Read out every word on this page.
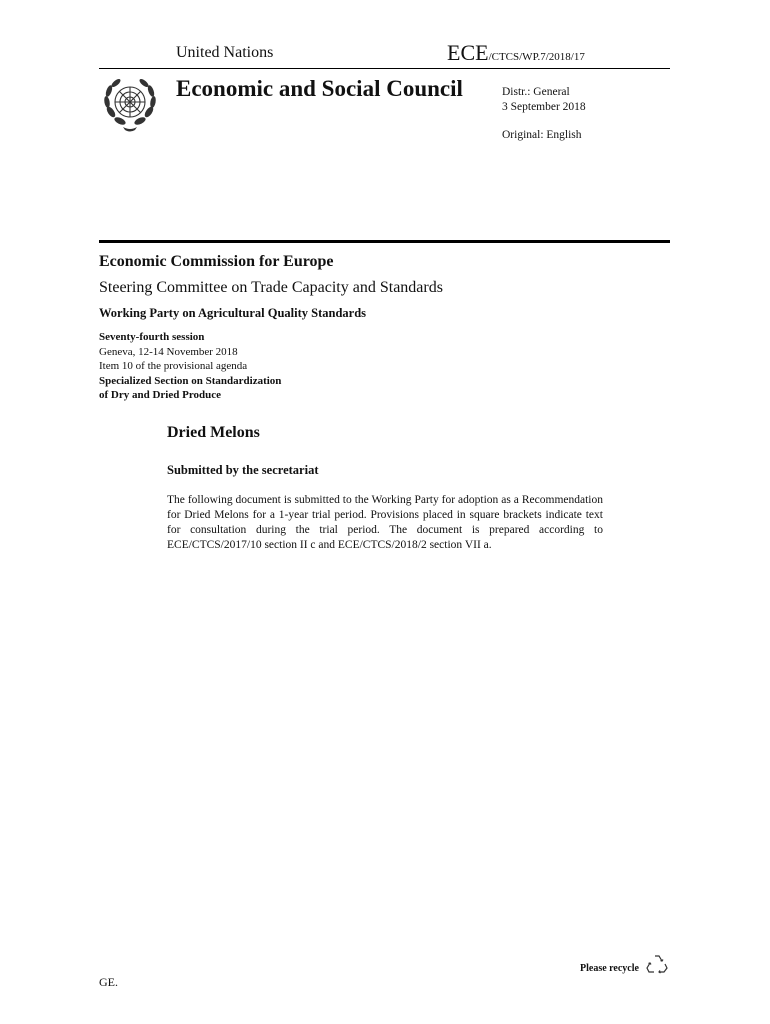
United Nations	ECE/CTCS/WP.7/2018/17
Economic and Social Council	Distr.: General
3 September 2018
Original: English
Economic Commission for Europe
Steering Committee on Trade Capacity and Standards
Working Party on Agricultural Quality Standards
Seventy-fourth session
Geneva, 12-14 November 2018
Item 10 of the provisional agenda
Specialized Section on Standardization
of Dry and Dried Produce
Dried Melons
Submitted by the secretariat
The following document is submitted to the Working Party for adoption as a Recommendation for Dried Melons for a 1-year trial period. Provisions placed in square brackets indicate text for consultation during the trial period. The document is prepared according to ECE/CTCS/2017/10 section II c and ECE/CTCS/2018/2 section VII a.
GE.
Please recycle
